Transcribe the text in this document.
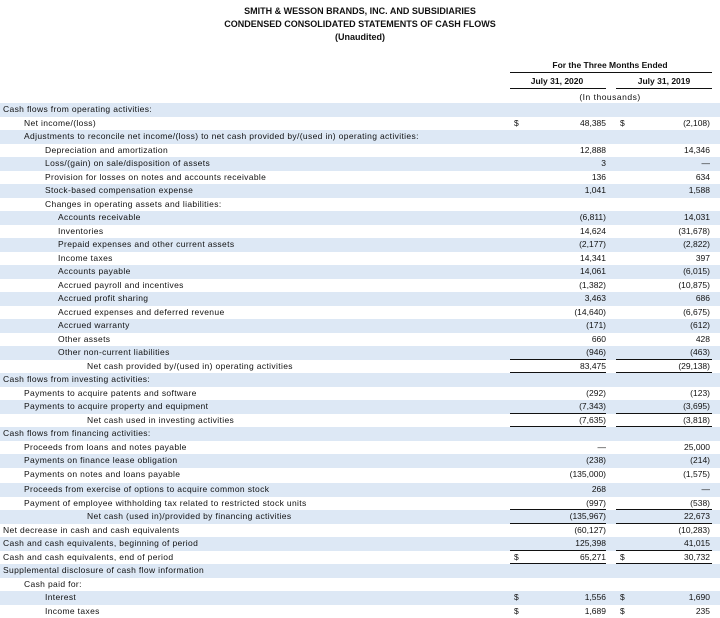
SMITH & WESSON BRANDS, INC. AND SUBSIDIARIES
CONDENSED CONSOLIDATED STATEMENTS OF CASH FLOWS
(Unaudited)
For the Three Months Ended
July 31, 2020	July 31, 2019
(In thousands)
Cash flows from operating activities:
Net income/(loss)	$	48,385 $	(2,108)
Adjustments to reconcile net income/(loss) to net cash provided by/(used in) operating activities:
Depreciation and amortization	12,888	14,346
Loss/(gain) on sale/disposition of assets	3	—
Provision for losses on notes and accounts receivable	136	634
Stock-based compensation expense	1,041	1,588
Changes in operating assets and liabilities:
Accounts receivable	(6,811)	14,031
Inventories	14,624	(31,678)
Prepaid expenses and other current assets	(2,177)	(2,822)
Income taxes	14,341	397
Accounts payable	14,061	(6,015)
Accrued payroll and incentives	(1,382)	(10,875)
Accrued profit sharing	3,463	686
Accrued expenses and deferred revenue	(14,640)	(6,675)
Accrued warranty	(171)	(612)
Other assets	660	428
Other non-current liabilities	(946)	(463)
Net cash provided by/(used in) operating activities	83,475	(29,138)
Cash flows from investing activities:
Payments to acquire patents and software	(292)	(123)
Payments to acquire property and equipment	(7,343)	(3,695)
Net cash used in investing activities	(7,635)	(3,818)
Cash flows from financing activities:
Proceeds from loans and notes payable	—	25,000
Payments on finance lease obligation	(238)	(214)
Payments on notes and loans payable	(135,000)	(1,575)
Proceeds from exercise of options to acquire common stock	268	—
Payment of employee withholding tax related to restricted stock units	(997)	(538)
Net cash (used in)/provided by financing activities	(135,967)	22,673
Net decrease in cash and cash equivalents	(60,127)	(10,283)
Cash and cash equivalents, beginning of period	125,398	41,015
Cash and cash equivalents, end of period	$	65,271 $	30,732
Supplemental disclosure of cash flow information
Cash paid for:
Interest	$	1,556 $	1,690
Income taxes	$	1,689 $	235
